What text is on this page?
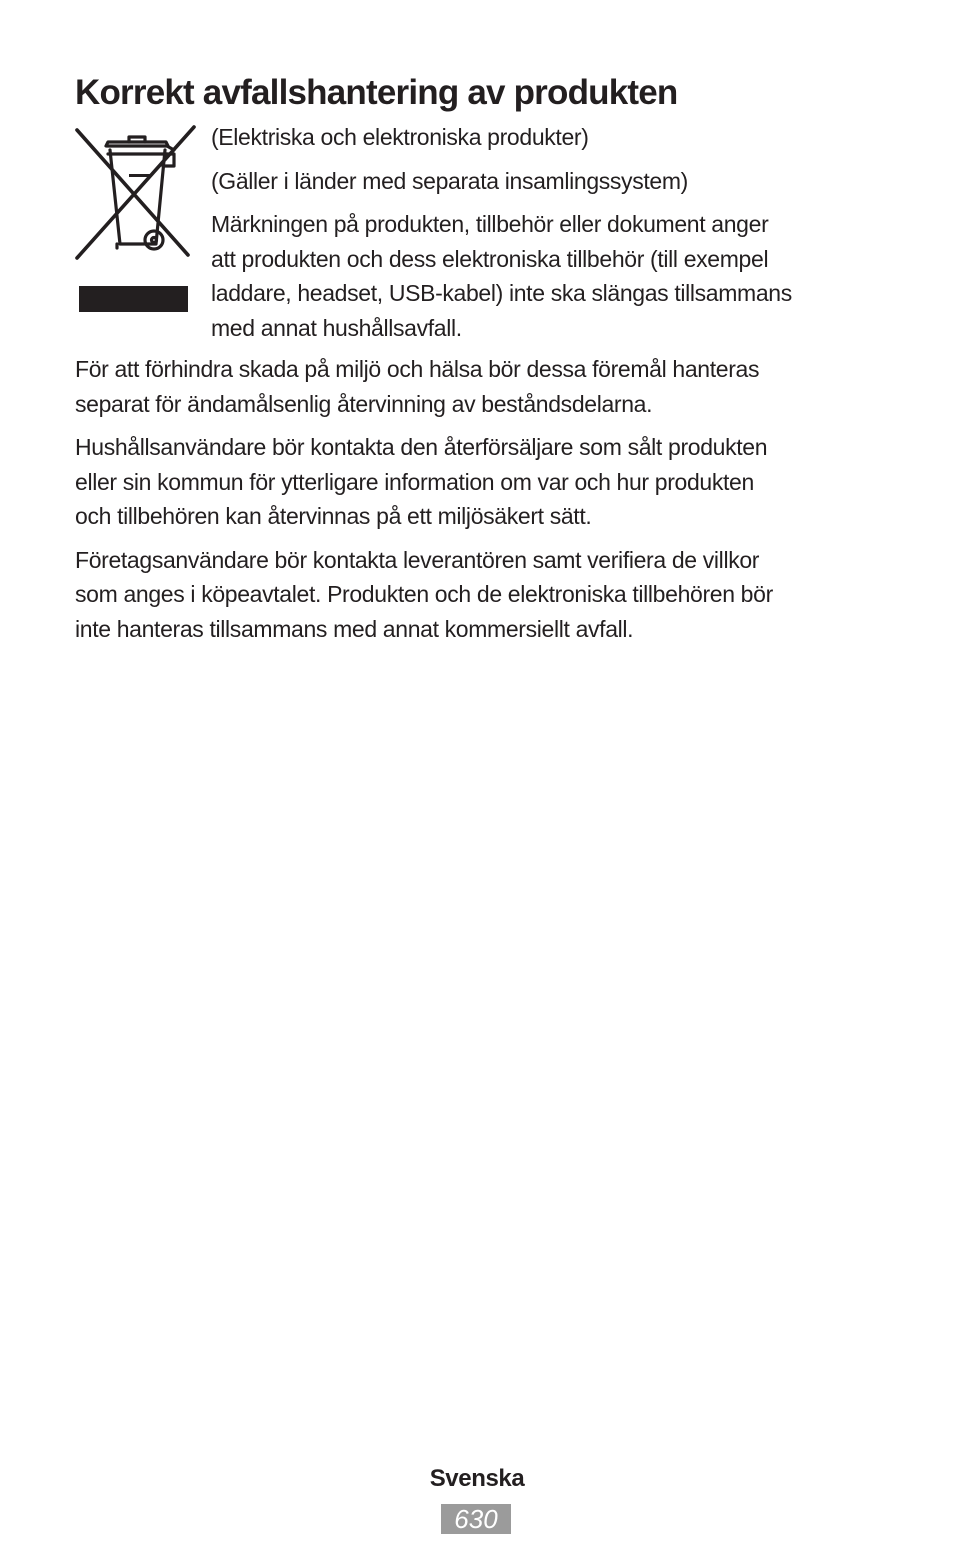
Korrekt avfallshantering av produkten

(Elektriska och elektroniska produkter)

(Gäller i länder med separata insamlingssystem)

Märkningen på produkten, tillbehör eller dokument anger
att produkten och dess elektroniska tillbehör (till exempel
laddare, headset, USB-kabel) inte ska slängas tillsammans
med annat hushållsavfall.

För att förhindra skada på miljö och hälsa bör dessa föremål hanteras
separat för ändamålsenlig återvinning av beståndsdelarna.

Hushållsanvändare bör kontakta den återförsäljare som sålt produkten
eller sin kommun för ytterligare information om var och hur produkten
och tillbehören kan återvinnas på ett miljösäkert sätt.

Företagsanvändare bör kontakta leverantören samt verifiera de villkor
som anges i köpeavtalet. Produkten och de elektroniska tillbehören bör
inte hanteras tillsammans med annat kommersiellt avfall.

Svenska
630
